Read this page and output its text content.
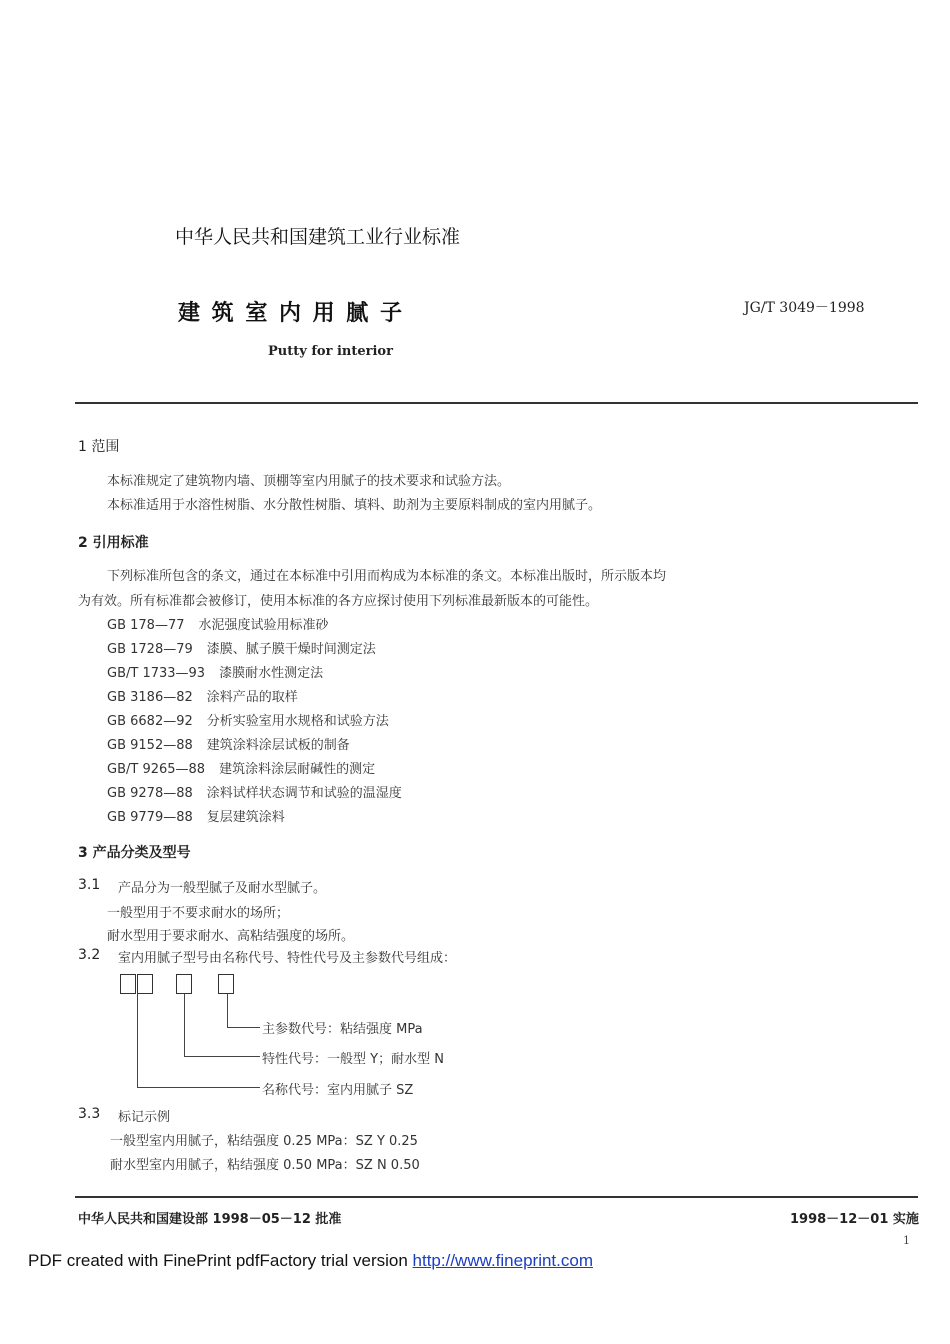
中华人民共和国建筑工业行业标准
建 筑 室 内 用 腻 子	JG/T 3049－1998
Putty for interior
1 范围
本标准规定了建筑物内墙、顶棚等室内用腻子的技术要求和试验方法。
本标准适用于水溶性树脂、水分散性树脂、填料、助剂为主要原料制成的室内用腻子。
2 引用标准
下列标准所包含的条文，通过在本标准中引用而构成为本标准的条文。本标准出版时，所示版本均
为有效。所有标准都会被修订，使用本标准的各方应探讨使用下列标准最新版本的可能性。
GB 178—77 水泥强度试验用标准砂
GB 1728—79 漆膜、腻子膜干燥时间测定法
GB/T 1733—93 漆膜耐水性测定法
GB 3186—82 涂料产品的取样
GB 6682—92 分析实验室用水规格和试验方法
GB 9152—88 建筑涂料涂层试板的制备
GB/T 9265—88 建筑涂料涂层耐碱性的测定
GB 9278—88 涂料试样状态调节和试验的温湿度
GB 9779—88 复层建筑涂料
3 产品分类及型号
3.1 产品分为一般型腻子及耐水型腻子。
一般型用于不要求耐水的场所；
耐水型用于要求耐水、高粘结强度的场所。
3.2 室内用腻子型号由名称代号、特性代号及主参数代号组成：
主参数代号：粘结强度 MPa
特性代号：一般型 Y；耐水型 N
名称代号：室内用腻子 SZ
3.3 标记示例
一般型室内用腻子，粘结强度 0.25 MPa：SZ Y 0.25
耐水型室内用腻子，粘结强度 0.50 MPa：SZ N 0.50
中华人民共和国建设部 1998－05－12 批准	1998－12－01 实施
1
PDF created with FinePrint pdfFactory trial version http://www.fineprint.com
